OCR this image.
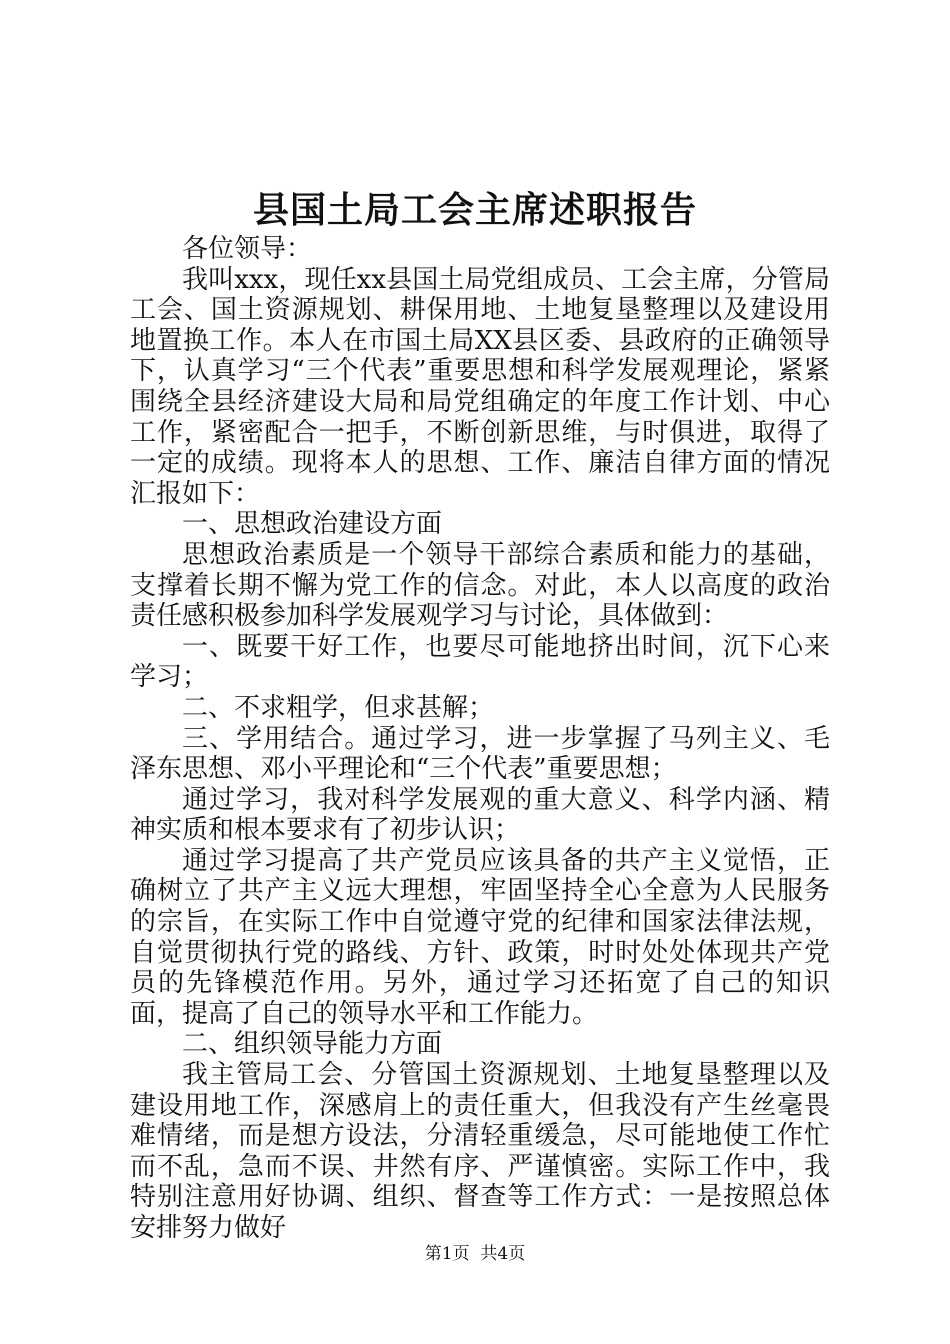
县国土局工会主席述职报告

各位领导：

我叫xxx，现任xx县国土局党组成员、工会主席，分管局工会、国土资源规划、耕保用地、土地复垦整理以及建设用地置换工作。本人在市国土局XX县区委、县政府的正确领导下，认真学习“三个代表”重要思想和科学发展观理论，紧紧围绕全县经济建设大局和局党组确定的年度工作计划、中心工作，紧密配合一把手，不断创新思维，与时俱进，取得了一定的成绩。现将本人的思想、工作、廉洁自律方面的情况汇报如下：

一、思想政治建设方面

思想政治素质是一个领导干部综合素质和能力的基础，支撑着长期不懈为党工作的信念。对此，本人以高度的政治责任感积极参加科学发展观学习与讨论，具体做到：

一、既要干好工作，也要尽可能地挤出时间，沉下心来学习；

二、不求粗学，但求甚解；

三、学用结合。通过学习，进一步掌握了马列主义、毛泽东思想、邓小平理论和“三个代表”重要思想；

通过学习，我对科学发展观的重大意义、科学内涵、精神实质和根本要求有了初步认识；

通过学习提高了共产党员应该具备的共产主义觉悟，正确树立了共产主义远大理想，牢固坚持全心全意为人民服务的宗旨，在实际工作中自觉遵守党的纪律和国家法律法规，自觉贯彻执行党的路线、方针、政策，时时处处体现共产党员的先锋模范作用。另外，通过学习还拓宽了自己的知识面，提高了自己的领导水平和工作能力。

二、组织领导能力方面

我主管局工会、分管国土资源规划、土地复垦整理以及建设用地工作，深感肩上的责任重大，但我没有产生丝毫畏难情绪，而是想方设法，分清轻重缓急，尽可能地使工作忙而不乱，急而不误、井然有序、严谨慎密。实际工作中，我特别注意用好协调、组织、督查等工作方式：一是按照总体安排努力做好

第1页 共4页
